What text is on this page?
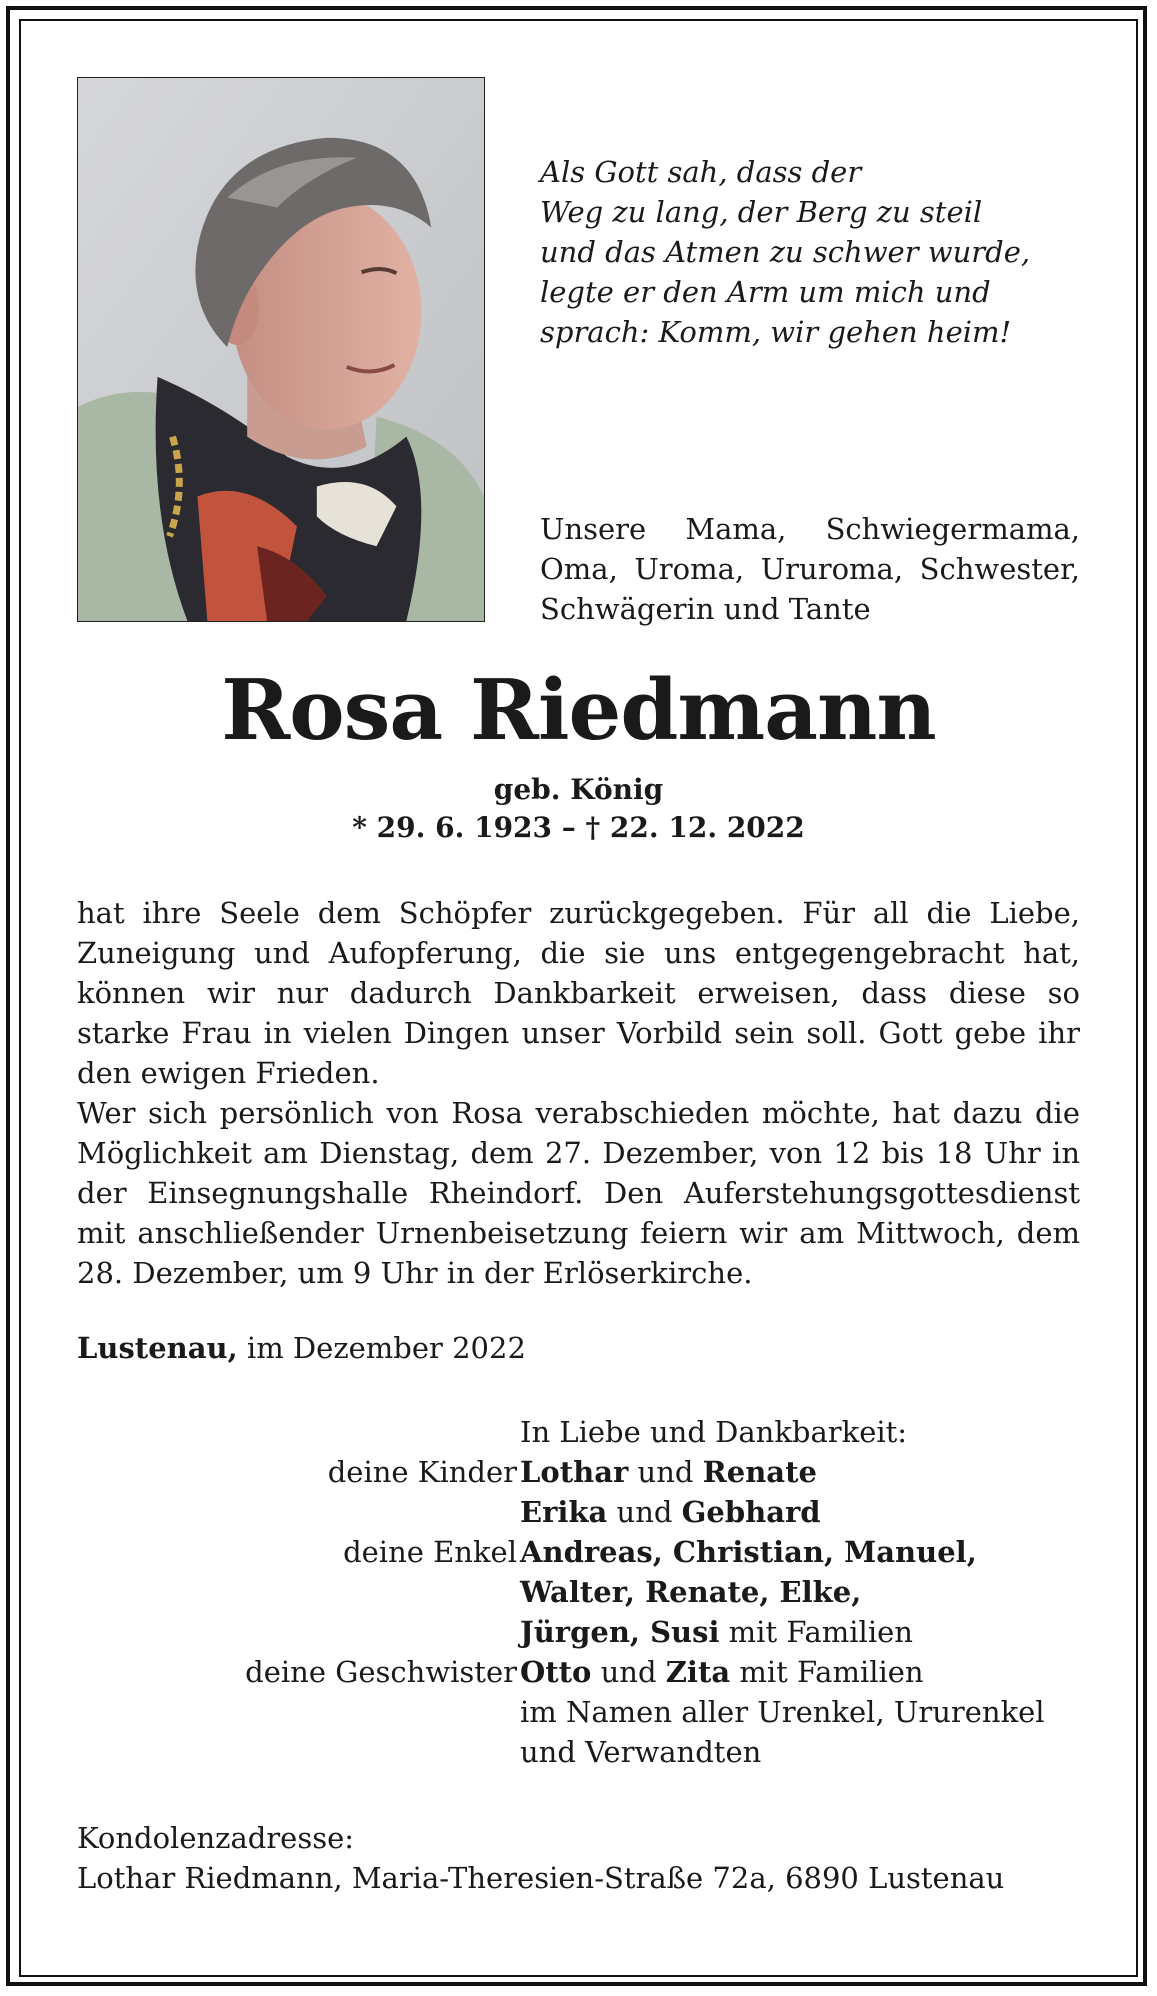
Als Gott sah, dass der
Weg zu lang, der Berg zu steil
und das Atmen zu schwer wurde,
legte er den Arm um mich und
sprach: Komm, wir gehen heim!
Unsere Mama, Schwiegermama,
Oma, Uroma, Ururoma, Schwester,
Schwägerin und Tante
Rosa Riedmann
geb. König
* 29. 6. 1923 – † 22. 12. 2022

hat ihre Seele dem Schöpfer zurückgegeben. Für all die Liebe, Zuneigung und Aufopferung, die sie uns entgegengebracht hat, können wir nur dadurch Dankbarkeit erweisen, dass diese so starke Frau in vielen Dingen unser Vorbild sein soll. Gott gebe ihr den ewigen Frieden.

Wer sich persönlich von Rosa verabschieden möchte, hat dazu die Möglichkeit am Dienstag, dem 27. Dezember, von 12 bis 18 Uhr in der Einsegnungshalle Rheindorf. Den Auferstehungsgottesdienst mit anschließender Urnenbeisetzung feiern wir am Mittwoch, dem 28. Dezember, um 9 Uhr in der Erlöserkirche.

Lustenau, im Dezember 2022
In Liebe und Dankbarkeit:
deine Kinder Lothar und Renate
Erika und Gebhard
deine Enkel Andreas, Christian, Manuel,
Walter, Renate, Elke,
Jürgen, Susi mit Familien
deine Geschwister Otto und Zita mit Familien
im Namen aller Urenkel, Ururenkel
und Verwandten
Kondolenzadresse:
Lothar Riedmann, Maria-Theresien-Straße 72a, 6890 Lustenau
